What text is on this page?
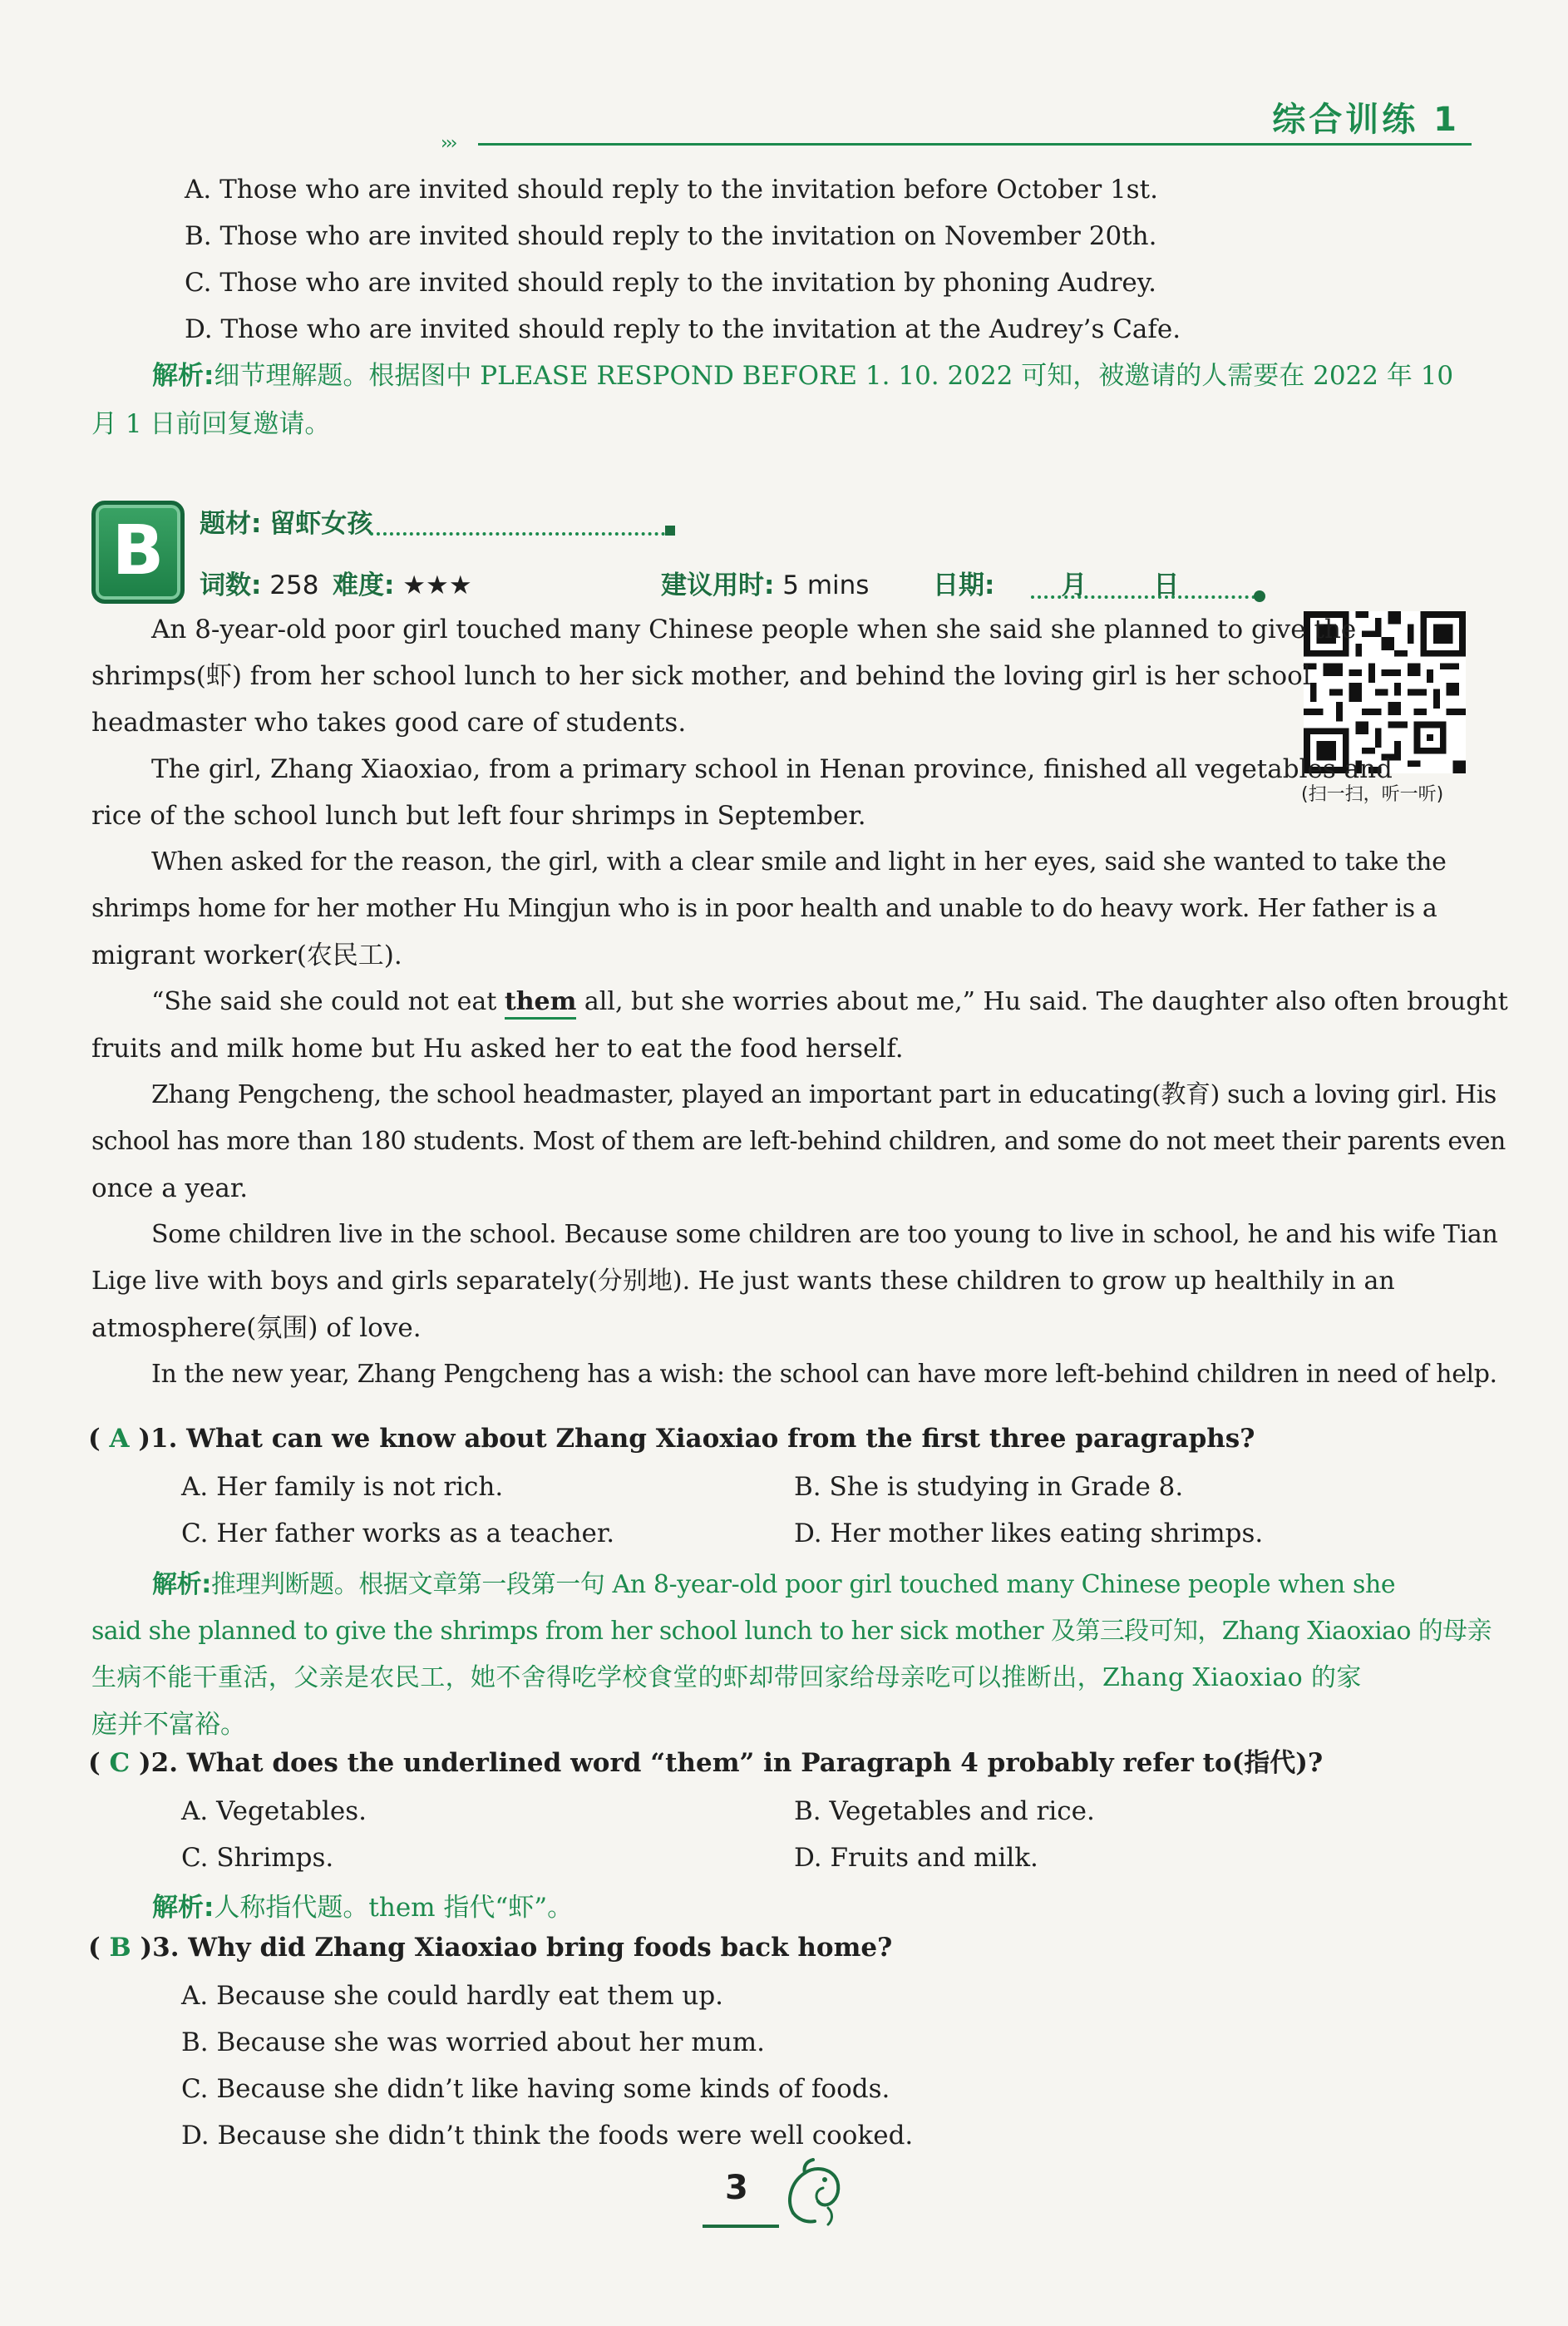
综合训练 1
›››
A. Those who are invited should reply to the invitation before October 1st.
B. Those who are invited should reply to the invitation on November 20th.
C. Those who are invited should reply to the invitation by phoning Audrey.
D. Those who are invited should reply to the invitation at the Audrey’s Cafe.
解析:细节理解题。根据图中 PLEASE RESPOND BEFORE 1. 10. 2022 可知，被邀请的人需要在 2022 年 10
月 1 日前回复邀请。
B	题材: 留虾女孩
词数: 258 难度: ★★★	建议用时: 5 mins 日期:	月	日
(扫一扫，听一听)
An 8-year-old poor girl touched many Chinese people when she said she planned to give the
shrimps(虾) from her school lunch to her sick mother, and behind the loving girl is her school
headmaster who takes good care of students.
The girl, Zhang Xiaoxiao, from a primary school in Henan province, finished all vegetables and
rice of the school lunch but left four shrimps in September.
When asked for the reason, the girl, with a clear smile and light in her eyes, said she wanted to take the
shrimps home for her mother Hu Mingjun who is in poor health and unable to do heavy work. Her father is a
migrant worker(农民工).
“She said she could not eat them all, but she worries about me,” Hu said. The daughter also often brought
fruits and milk home but Hu asked her to eat the food herself.
Zhang Pengcheng, the school headmaster, played an important part in educating(教育) such a loving girl. His
school has more than 180 students. Most of them are left-behind children, and some do not meet their parents even
once a year.
Some children live in the school. Because some children are too young to live in school, he and his wife Tian
Lige live with boys and girls separately(分别地). He just wants these children to grow up healthily in an
atmosphere(氛围) of love.
In the new year, Zhang Pengcheng has a wish: the school can have more left-behind children in need of help.
( A )1. What can we know about Zhang Xiaoxiao from the first three paragraphs?
A. Her family is not rich.	B. She is studying in Grade 8.
C. Her father works as a teacher.	D. Her mother likes eating shrimps.
解析:推理判断题。根据文章第一段第一句 An 8-year-old poor girl touched many Chinese people when she
said she planned to give the shrimps from her school lunch to her sick mother 及第三段可知，Zhang Xiaoxiao 的母亲
生病不能干重活，父亲是农民工，她不舍得吃学校食堂的虾却带回家给母亲吃可以推断出，Zhang Xiaoxiao 的家
庭并不富裕。
( C )2. What does the underlined word “them” in Paragraph 4 probably refer to(指代)?
A. Vegetables.	B. Vegetables and rice.
C. Shrimps.	D. Fruits and milk.
解析:人称指代题。them 指代“虾”。
( B )3. Why did Zhang Xiaoxiao bring foods back home?
A. Because she could hardly eat them up.
B. Because she was worried about her mum.
C. Because she didn’t like having some kinds of foods.
D. Because she didn’t think the foods were well cooked.
3
